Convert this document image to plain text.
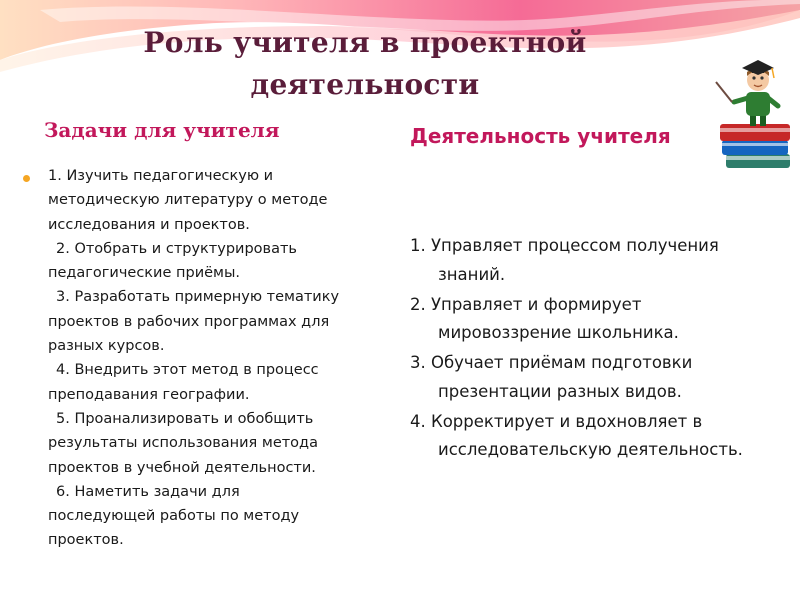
Роль учителя в проектной деятельности
Задачи для учителя	Деятельность учителя
1. Изучить педагогическую и
методическую литературу о методе
исследования и проектов.
2. Отобрать и структурировать
педагогические приёмы.
3. Разработать примерную тематику
проектов в рабочих программах для
разных курсов.
4. Внедрить этот метод в процесс
преподавания географии.
5. Проанализировать и обобщить
результаты использования метода
проектов в учебной деятельности.
6. Наметить задачи для
последующей работы по методу
проектов.
1. Управляет процессом получения знаний.
2. Управляет и формирует мировоззрение школьника.
3. Обучает приёмам подготовки презентации разных видов.
4. Корректирует и вдохновляет в исследовательскую деятельность.
